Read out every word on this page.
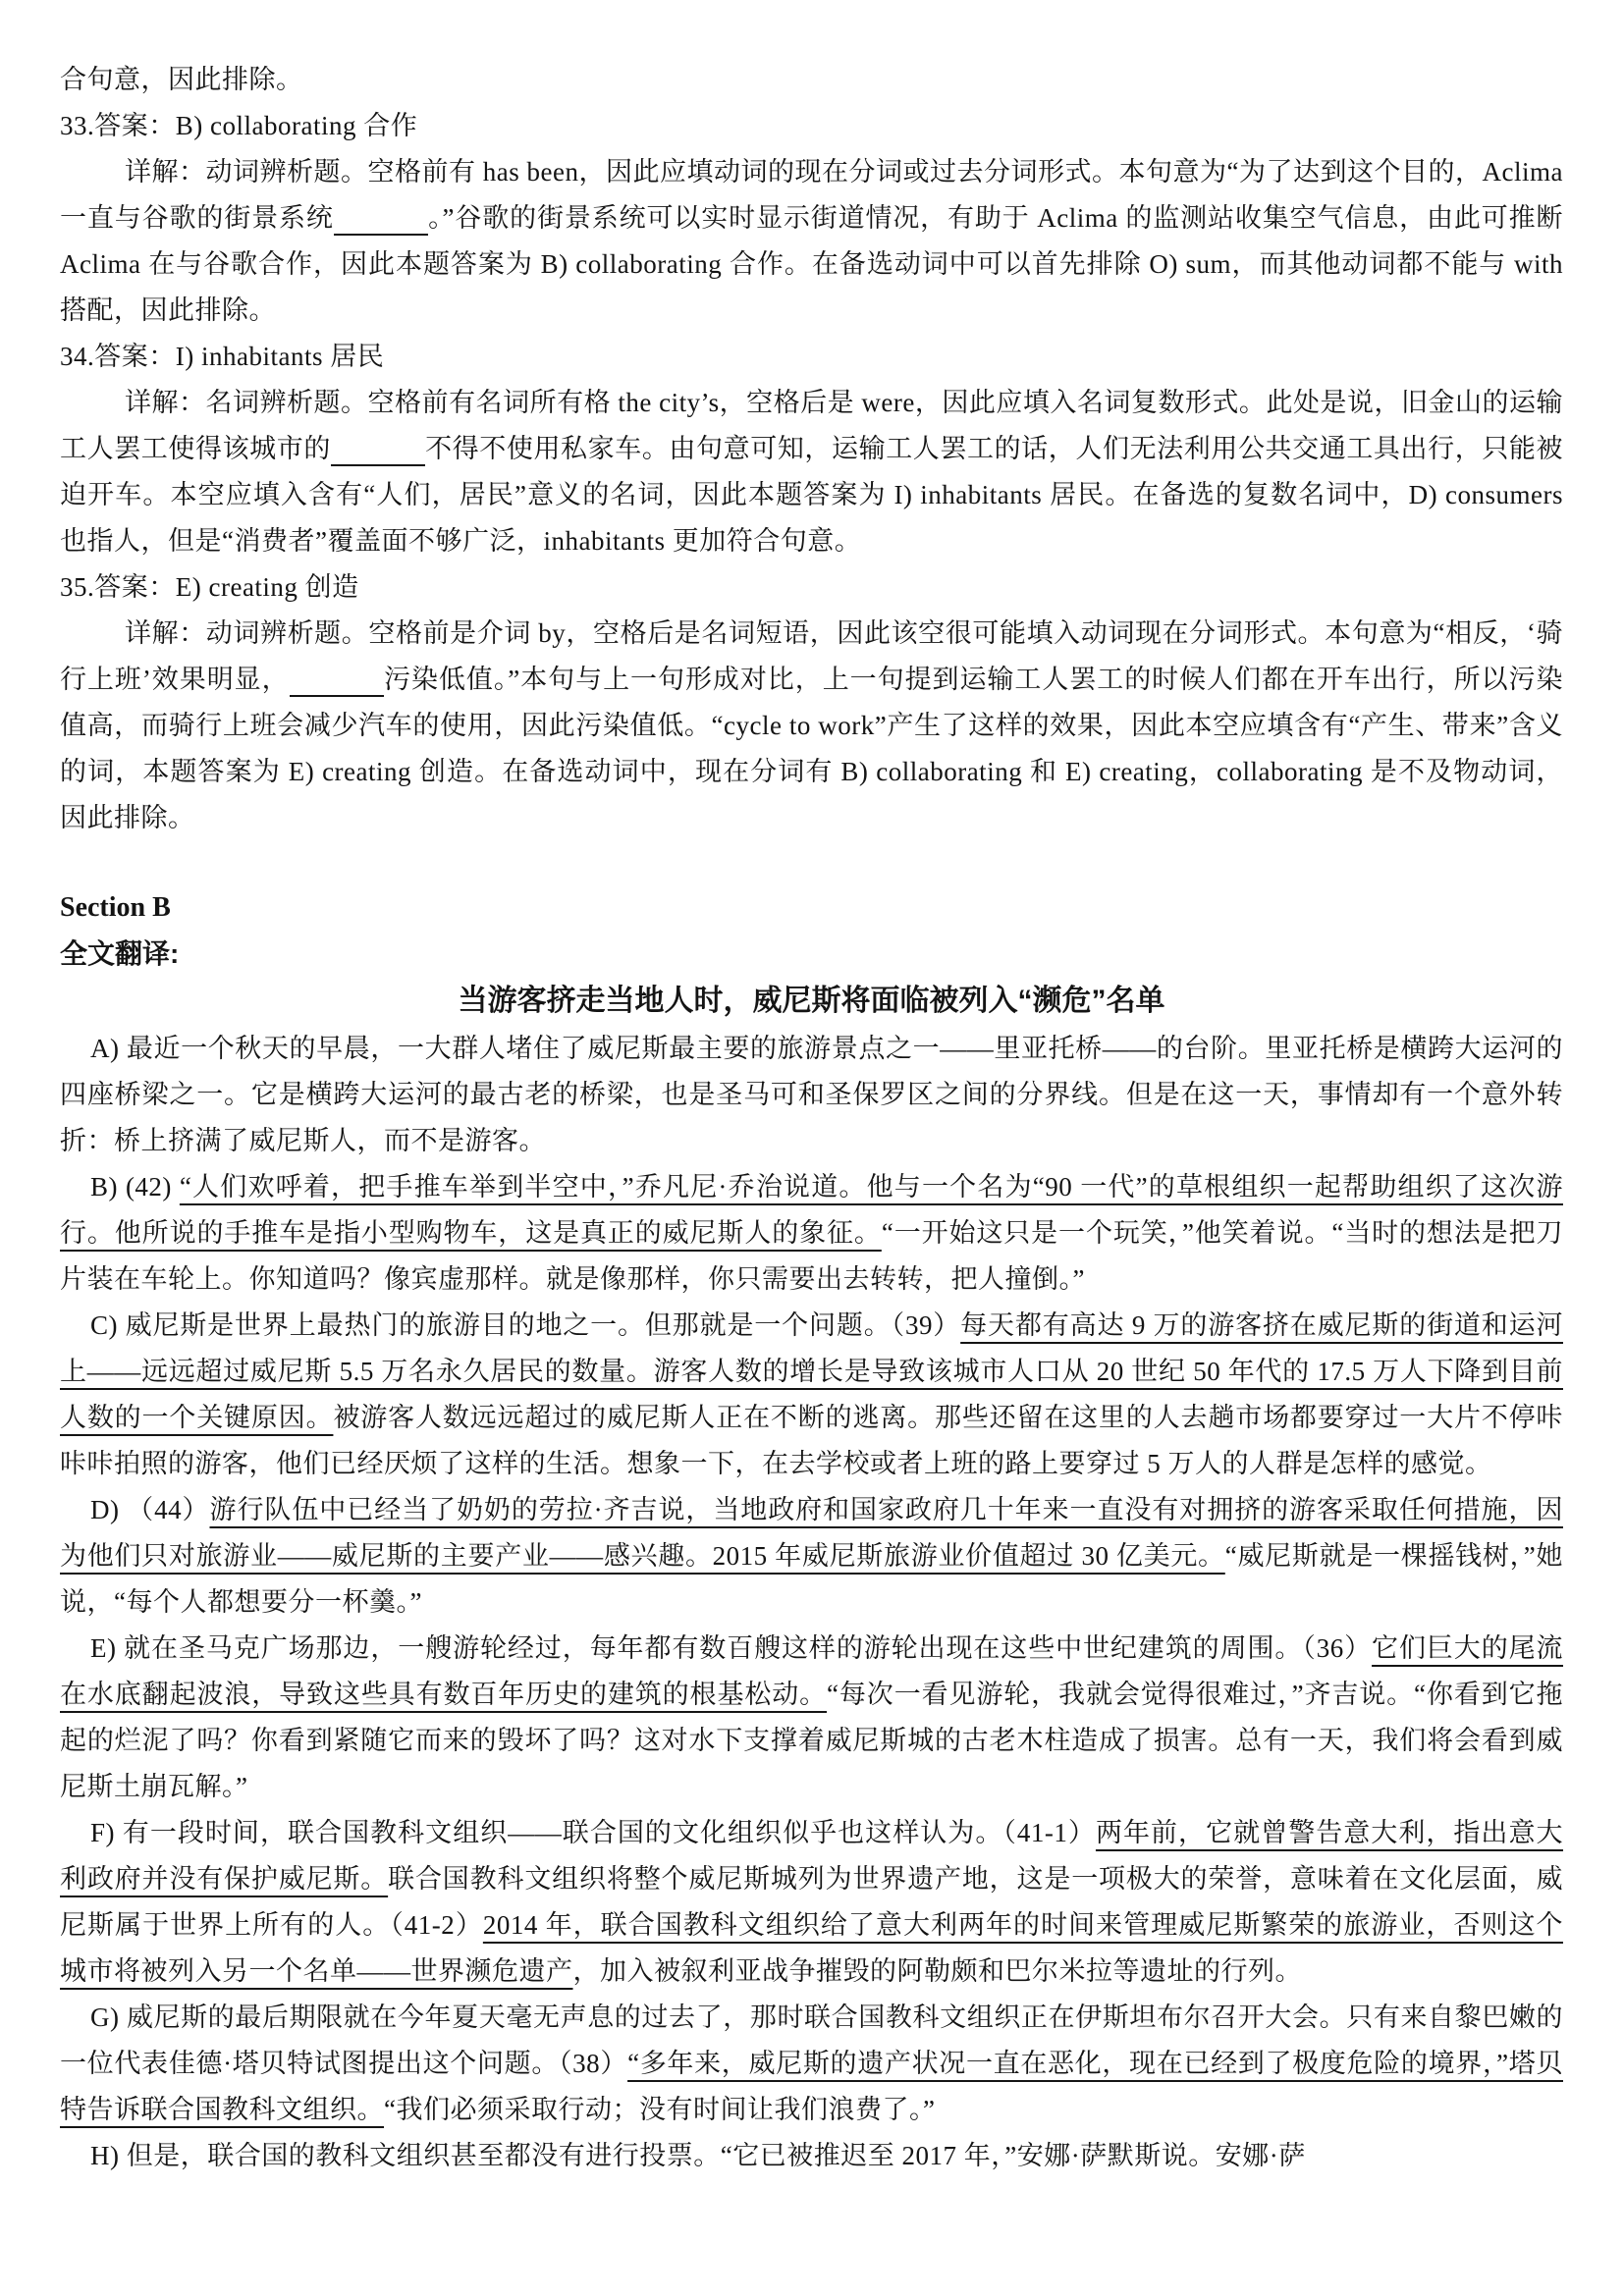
合句意，因此排除。

33.答案：B) collaborating 合作

详解：动词辨析题。空格前有 has been，因此应填动词的现在分词或过去分词形式。本句意为“为了达到这个目的，Aclima 一直与谷歌的街景系统	。”谷歌的街景系统可以实时显示街道情况，有助于 Aclima 的监测站收集空气信息，由此可推断 Aclima 在与谷歌合作，因此本题答案为 B) collaborating 合作。在备选动词中可以首先排除 O) sum，而其他动词都不能与 with 搭配，因此排除。

34.答案：I) inhabitants 居民

详解：名词辨析题。空格前有名词所有格 the city’s，空格后是 were，因此应填入名词复数形式。此处是说，旧金山的运输工人罢工使得该城市的	不得不使用私家车。由句意可知，运输工人罢工的话，人们无法利用公共交通工具出行，只能被迫开车。本空应填入含有“人们，居民”意义的名词，因此本题答案为 I) inhabitants 居民。在备选的复数名词中，D) consumers 也指人，但是“消费者”覆盖面不够广泛，inhabitants 更加符合句意。

35.答案：E) creating 创造

详解：动词辨析题。空格前是介词 by，空格后是名词短语，因此该空很可能填入动词现在分词形式。本句意为“相反，‘骑行上班’效果明显，	污染低值。”本句与上一句形成对比，上一句提到运输工人罢工的时候人们都在开车出行，所以污染值高，而骑行上班会减少汽车的使用，因此污染值低。“cycle to work”产生了这样的效果，因此本空应填含有“产生、带来”含义的词，本题答案为 E) creating 创造。在备选动词中，现在分词有 B) collaborating 和 E) creating，collaborating 是不及物动词，因此排除。

Section B
全文翻译:
当游客挤走当地人时，威尼斯将面临被列入“濒危”名单

A) 最近一个秋天的早晨，一大群人堵住了威尼斯最主要的旅游景点之一——里亚托桥——的台阶。里亚托桥是横跨大运河的四座桥梁之一。它是横跨大运河的最古老的桥梁，也是圣马可和圣保罗区之间的分界线。但是在这一天，事情却有一个意外转折：桥上挤满了威尼斯人，而不是游客。

B) (42) “人们欢呼着，把手推车举到半空中，”乔凡尼·乔治说道。他与一个名为“90 一代”的草根组织一起帮助组织了这次游行。他所说的手推车是指小型购物车，这是真正的威尼斯人的象征。“一开始这只是一个玩笑，”他笑着说。“当时的想法是把刀片装在车轮上。你知道吗？像宾虚那样。就是像那样，你只需要出去转转，把人撞倒。”

C) 威尼斯是世界上最热门的旅游目的地之一。但那就是一个问题。（39）每天都有高达 9 万的游客挤在威尼斯的街道和运河上——远远超过威尼斯 5.5 万名永久居民的数量。游客人数的增长是导致该城市人口从 20 世纪 50 年代的 17.5 万人下降到目前人数的一个关键原因。被游客人数远远超过的威尼斯人正在不断的逃离。那些还留在这里的人去趟市场都要穿过一大片不停咔咔咔拍照的游客，他们已经厌烦了这样的生活。想象一下，在去学校或者上班的路上要穿过 5 万人的人群是怎样的感觉。

D) （44）游行队伍中已经当了奶奶的劳拉·齐吉说，当地政府和国家政府几十年来一直没有对拥挤的游客采取任何措施，因为他们只对旅游业——威尼斯的主要产业——感兴趣。2015 年威尼斯旅游业价值超过 30 亿美元。“威尼斯就是一棵摇钱树，”她说，“每个人都想要分一杯羹。”

E) 就在圣马克广场那边，一艘游轮经过，每年都有数百艘这样的游轮出现在这些中世纪建筑的周围。（36）它们巨大的尾流在水底翻起波浪，导致这些具有数百年历史的建筑的根基松动。“每次一看见游轮，我就会觉得很难过，”齐吉说。“你看到它拖起的烂泥了吗？你看到紧随它而来的毁坏了吗？这对水下支撑着威尼斯城的古老木柱造成了损害。总有一天，我们将会看到威尼斯土崩瓦解。”

F) 有一段时间，联合国教科文组织——联合国的文化组织似乎也这样认为。（41-1）两年前，它就曾警告意大利，指出意大利政府并没有保护威尼斯。联合国教科文组织将整个威尼斯城列为世界遗产地，这是一项极大的荣誉，意味着在文化层面，威尼斯属于世界上所有的人。（41-2）2014 年，联合国教科文组织给了意大利两年的时间来管理威尼斯繁荣的旅游业，否则这个城市将被列入另一个名单——世界濒危遗产，加入被叙利亚战争摧毁的阿勒颇和巴尔米拉等遗址的行列。

G) 威尼斯的最后期限就在今年夏天毫无声息的过去了，那时联合国教科文组织正在伊斯坦布尔召开大会。只有来自黎巴嫩的一位代表佳德·塔贝特试图提出这个问题。（38）“多年来，威尼斯的遗产状况一直在恶化，现在已经到了极度危险的境界，”塔贝特告诉联合国教科文组织。“我们必须采取行动；没有时间让我们浪费了。”

H) 但是，联合国的教科文组织甚至都没有进行投票。“它已被推迟至 2017 年，”安娜·萨默斯说。安娜·萨
